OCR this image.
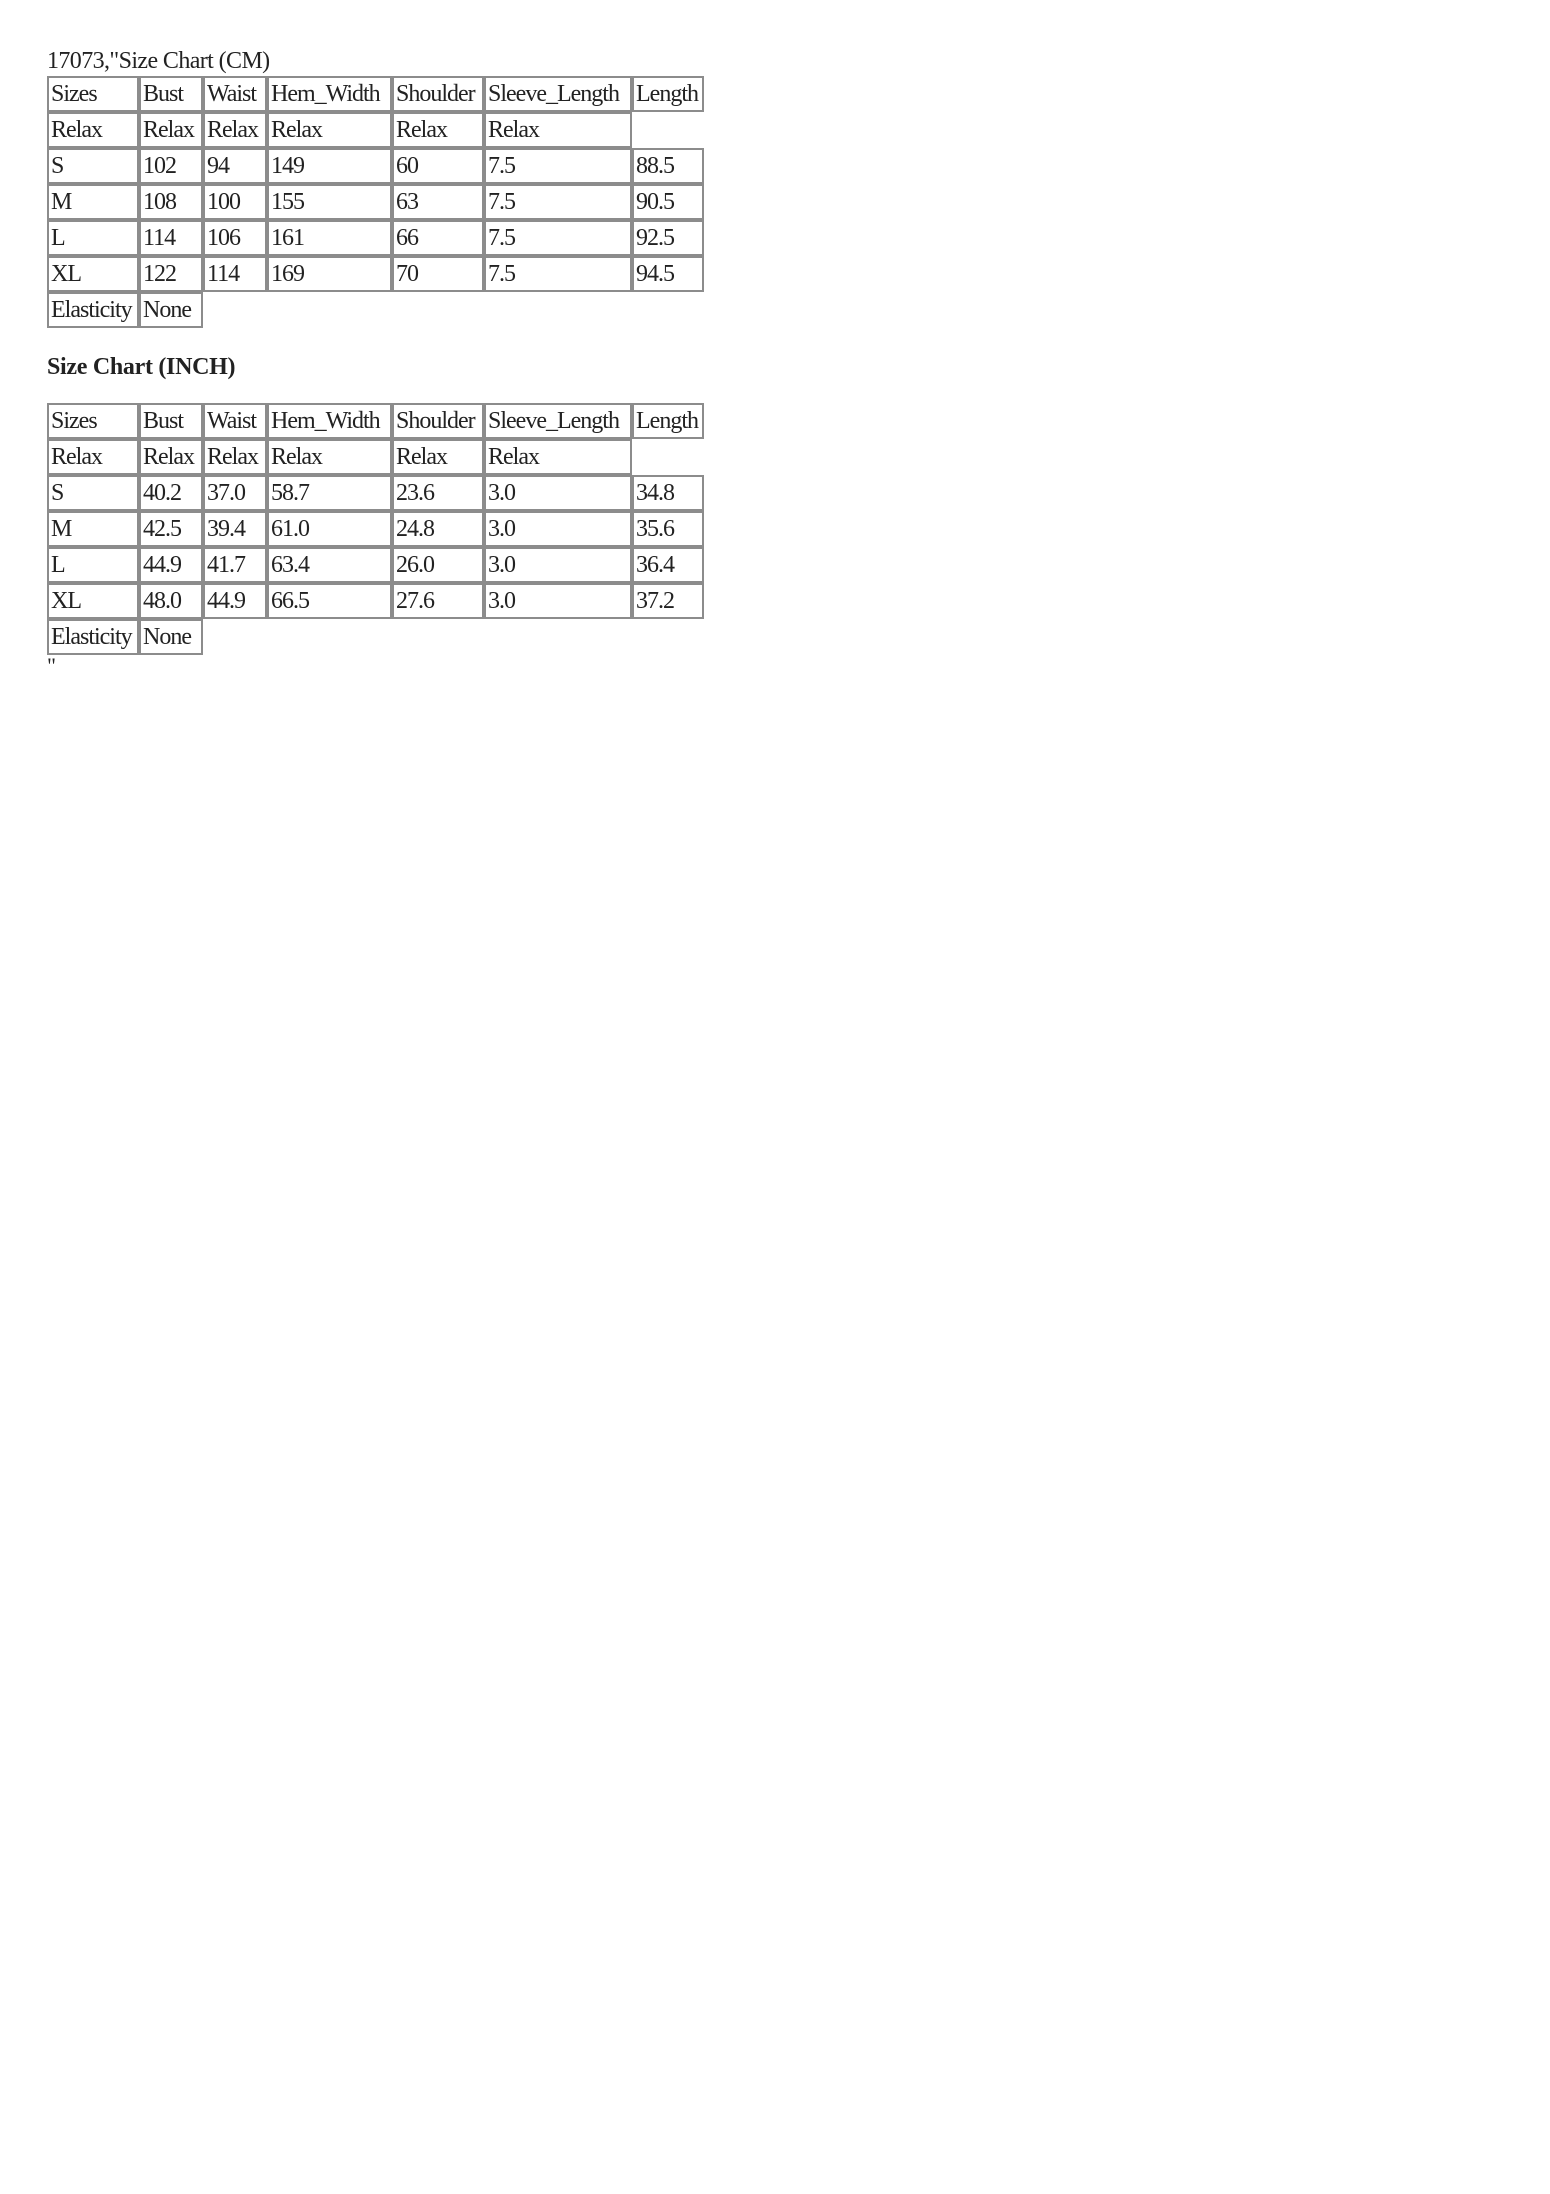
17073,"Size Chart (CM)
Sizes	Bust	Waist	Hem_Width	Shoulder	Sleeve_Length	Length
Relax	Relax	Relax	Relax	Relax	Relax	
S	102	94	149	60	7.5	88.5
M	108	100	155	63	7.5	90.5
L	114	106	161	66	7.5	92.5
XL	122	114	169	70	7.5	94.5
Elasticity	None					
Size Chart (INCH)
Sizes	Bust	Waist	Hem_Width	Shoulder	Sleeve_Length	Length
Relax	Relax	Relax	Relax	Relax	Relax	
S	40.2	37.0	58.7	23.6	3.0	34.8
M	42.5	39.4	61.0	24.8	3.0	35.6
L	44.9	41.7	63.4	26.0	3.0	36.4
XL	48.0	44.9	66.5	27.6	3.0	37.2
Elasticity	None					
"
